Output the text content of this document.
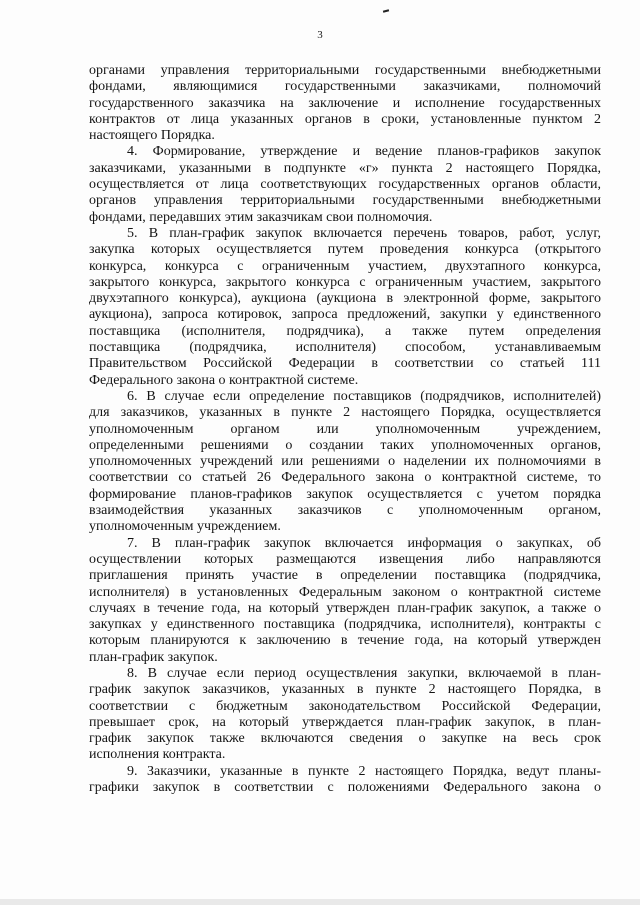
3
органами управления территориальными государственными внебюджетными
фондами, являющимися государственными заказчиками, полномочий
государственного заказчика на заключение и исполнение государственных
контрактов от лица указанных органов в сроки, установленные пунктом 2
настоящего Порядка.
4. Формирование, утверждение и ведение планов-графиков закупок
заказчиками, указанными в подпункте «г» пункта 2 настоящего Порядка,
осуществляется от лица соответствующих государственных органов области,
органов управления территориальными государственными внебюджетными
фондами, передавших этим заказчикам свои полномочия.
5. В план-график закупок включается перечень товаров, работ, услуг,
закупка которых осуществляется путем проведения конкурса (открытого
конкурса, конкурса с ограниченным участием, двухэтапного конкурса,
закрытого конкурса, закрытого конкурса с ограниченным участием, закрытого
двухэтапного конкурса), аукциона (аукциона в электронной форме, закрытого
аукциона), запроса котировок, запроса предложений, закупки у единственного
поставщика (исполнителя, подрядчика), а также путем определения
поставщика (подрядчика, исполнителя) способом, устанавливаемым
Правительством Российской Федерации в соответствии со статьей 111
Федерального закона о контрактной системе.
6. В случае если определение поставщиков (подрядчиков, исполнителей)
для заказчиков, указанных в пункте 2 настоящего Порядка, осуществляется
уполномоченным органом или уполномоченным учреждением,
определенными решениями о создании таких уполномоченных органов,
уполномоченных учреждений или решениями о наделении их полномочиями в
соответствии со статьей 26 Федерального закона о контрактной системе, то
формирование планов-графиков закупок осуществляется с учетом порядка
взаимодействия указанных заказчиков с уполномоченным органом,
уполномоченным учреждением.
7. В план-график закупок включается информация о закупках, об
осуществлении которых размещаются извещения либо направляются
приглашения принять участие в определении поставщика (подрядчика,
исполнителя) в установленных Федеральным законом о контрактной системе
случаях в течение года, на который утвержден план-график закупок, а также о
закупках у единственного поставщика (подрядчика, исполнителя), контракты с
которым планируются к заключению в течение года, на который утвержден
план-график закупок.
8. В случае если период осуществления закупки, включаемой в план-
график закупок заказчиков, указанных в пункте 2 настоящего Порядка, в
соответствии с бюджетным законодательством Российской Федерации,
превышает срок, на который утверждается план-график закупок, в план-
график закупок также включаются сведения о закупке на весь срок
исполнения контракта.
9. Заказчики, указанные в пункте 2 настоящего Порядка, ведут планы-
графики закупок в соответствии с положениями Федерального закона о
